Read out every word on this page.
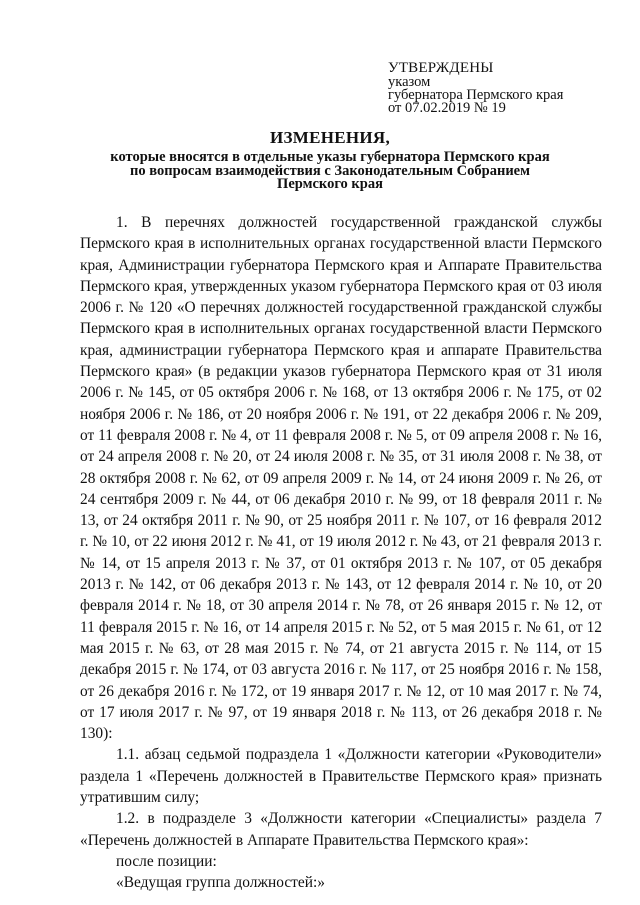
УТВЕРЖДЕНЫ
указом
губернатора Пермского края
от 07.02.2019 № 19
ИЗМЕНЕНИЯ,
которые вносятся в отдельные указы губернатора Пермского края
по вопросам взаимодействия с Законодательным Собранием
Пермского края

1. В перечнях должностей государственной гражданской службы Пермского края в исполнительных органах государственной власти Пермского края, Администрации губернатора Пермского края и Аппарате Правительства Пермского края, утвержденных указом губернатора Пермского края от 03 июля 2006 г. № 120 «О перечнях должностей государственной гражданской службы Пермского края в исполнительных органах государственной власти Пермского края, администрации губернатора Пермского края и аппарате Правительства Пермского края» (в редакции указов губернатора Пермского края от 31 июля 2006 г. № 145, от 05 октября 2006 г. № 168, от 13 октября 2006 г. № 175, от 02 ноября 2006 г. № 186, от 20 ноября 2006 г. № 191, от 22 декабря 2006 г. № 209, от 11 февраля 2008 г. № 4, от 11 февраля 2008 г. № 5, от 09 апреля 2008 г. № 16, от 24 апреля 2008 г. № 20, от 24 июля 2008 г. № 35, от 31 июля 2008 г. № 38, от 28 октября 2008 г. № 62, от 09 апреля 2009 г. № 14, от 24 июня 2009 г. № 26, от 24 сентября 2009 г. № 44, от 06 декабря 2010 г. № 99, от 18 февраля 2011 г. № 13, от 24 октября 2011 г. № 90, от 25 ноября 2011 г. № 107, от 16 февраля 2012 г. № 10, от 22 июня 2012 г. № 41, от 19 июля 2012 г. № 43, от 21 февраля 2013 г. № 14, от 15 апреля 2013 г. № 37, от 01 октября 2013 г. № 107, от 05 декабря 2013 г. № 142, от 06 декабря 2013 г. № 143, от 12 февраля 2014 г. № 10, от 20 февраля 2014 г. № 18, от 30 апреля 2014 г. № 78, от 26 января 2015 г. № 12, от 11 февраля 2015 г. № 16, от 14 апреля 2015 г. № 52, от 5 мая 2015 г. № 61, от 12 мая 2015 г. № 63, от 28 мая 2015 г. № 74, от 21 августа 2015 г. № 114, от 15 декабря 2015 г. № 174, от 03 августа 2016 г. № 117, от 25 ноября 2016 г. № 158, от 26 декабря 2016 г. № 172, от 19 января 2017 г. № 12, от 10 мая 2017 г. № 74, от 17 июля 2017 г. № 97, от 19 января 2018 г. № 113, от 26 декабря 2018 г. № 130):

1.1. абзац седьмой подраздела 1 «Должности категории «Руководители» раздела 1 «Перечень должностей в Правительстве Пермского края» признать утратившим силу;

1.2. в подразделе 3 «Должности категории «Специалисты» раздела 7 «Перечень должностей в Аппарате Правительства Пермского края»:

после позиции:

«Ведущая группа должностей:»
